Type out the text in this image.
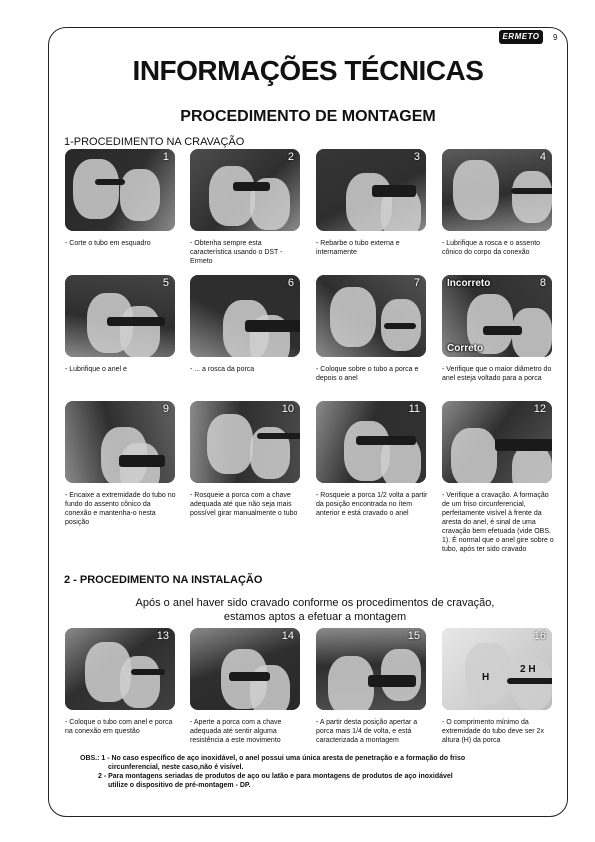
ERMETO	9
INFORMAÇÕES TÉCNICAS
PROCEDIMENTO DE MONTAGEM
1-PROCEDIMENTO NA CRAVAÇÃO
1
- Corte o tubo em esquadro
2
- Obtenha sempre esta característica usando o DST - Ermeto
3
- Rebarbe o tubo externa e internamente
4
- Lubrifique a rosca e o assento cônico do corpo da conexão
5
- Lubrifique o anel e
6
- ... a rosca da porca
7
- Coloque sobre o tubo a porca e depois o anel
8
Incorreto
Correto
- Verifique que o maior diâmetro do anel esteja voltado para a porca
9
- Encaixe a extremidade do tubo no fundo do assento cônico da conexão e mantenha-o nesta posição
10
- Rosqueie a porca com a chave adequada até que não seja mais possível girar manualmente o tubo
11
- Rosqueie a porca 1/2 volta a partir da posição encontrada no ítem anterior e está cravado o anel
12
- Verifique a cravação. A formação de um friso circunferencial, perfeitamente visível à frente da aresta do anel, é sinal de uma cravação bem efetuada (vide OBS. 1). É normal que o anel gire sobre o tubo, após ter sido cravado
13
- Coloque o tubo com anel e porca na conexão em questão
14
- Aperte a porca com a chave adequada até sentir alguma resistência a este movimento
15
- A partir desta posição apertar a porca mais 1/4 de volta, e está caracterizada a montagem
16
H
2 H
- O comprimento mínimo da extremidade do tubo deve ser 2x altura (H) da porca
2 - PROCEDIMENTO NA INSTALAÇÃO
Após o anel haver sido cravado conforme os procedimentos de cravação,
estamos aptos a efetuar a montagem
OBS.: 1 - No caso específico de aço inoxidável, o anel possui uma única aresta de penetração e a formação do friso
circunferencial, neste caso,não é visível.
2 - Para montagens seriadas de produtos de aço ou latão e para montagens de produtos de aço inoxidável
utilize o dispositivo de pré-montagem - DP.
